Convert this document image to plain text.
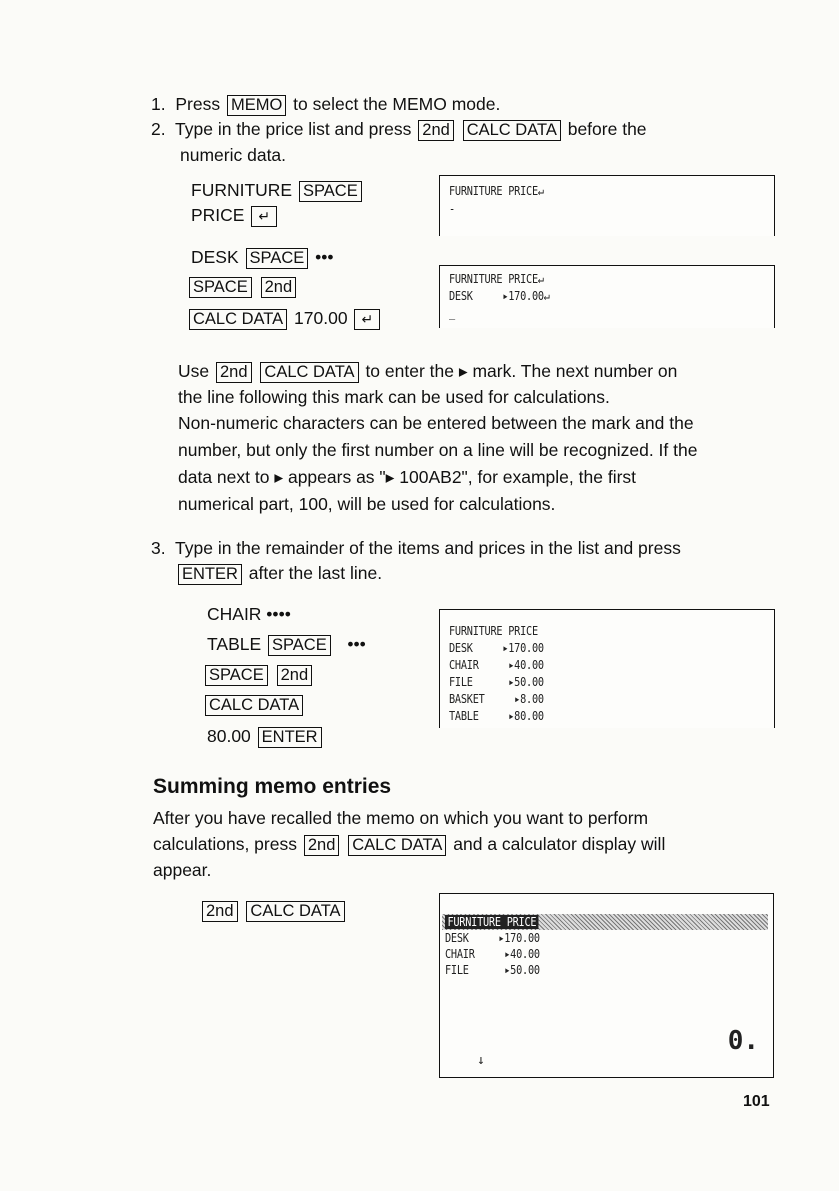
1. Press MEMO to select the MEMO mode.
2. Type in the price list and press 2nd CALC DATA before the
numeric data.
FURNITURE SPACE
PRICE ↵
FURNITURE PRICE↵
-
DESK SPACE •••
SPACE 2nd
CALC DATA 170.00 ↵
FURNITURE PRICE↵
DESK     ▸170.00↵
_
Use 2nd CALC DATA to enter the ▸ mark. The next number on
the line following this mark can be used for calculations.
Non-numeric characters can be entered between the mark and the
number, but only the first number on a line will be recognized. If the
data next to ▸ appears as "▸ 100AB2", for example, the first
numerical part, 100, will be used for calculations.
3. Type in the remainder of the items and prices in the list and press
ENTER after the last line.
CHAIR ••••
TABLE SPACE •••
SPACE 2nd
CALC DATA
80.00 ENTER
FURNITURE PRICE
DESK     ▸170.00
CHAIR     ▸40.00
FILE      ▸50.00
BASKET     ▸8.00
TABLE     ▸80.00
Summing memo entries
After you have recalled the memo on which you want to perform
calculations, press 2nd CALC DATA and a calculator display will
appear.
2nd CALC DATA
FURNITURE PRICE
DESK     ▸170.00
CHAIR     ▸40.00
FILE      ▸50.00
0.
↓
101
